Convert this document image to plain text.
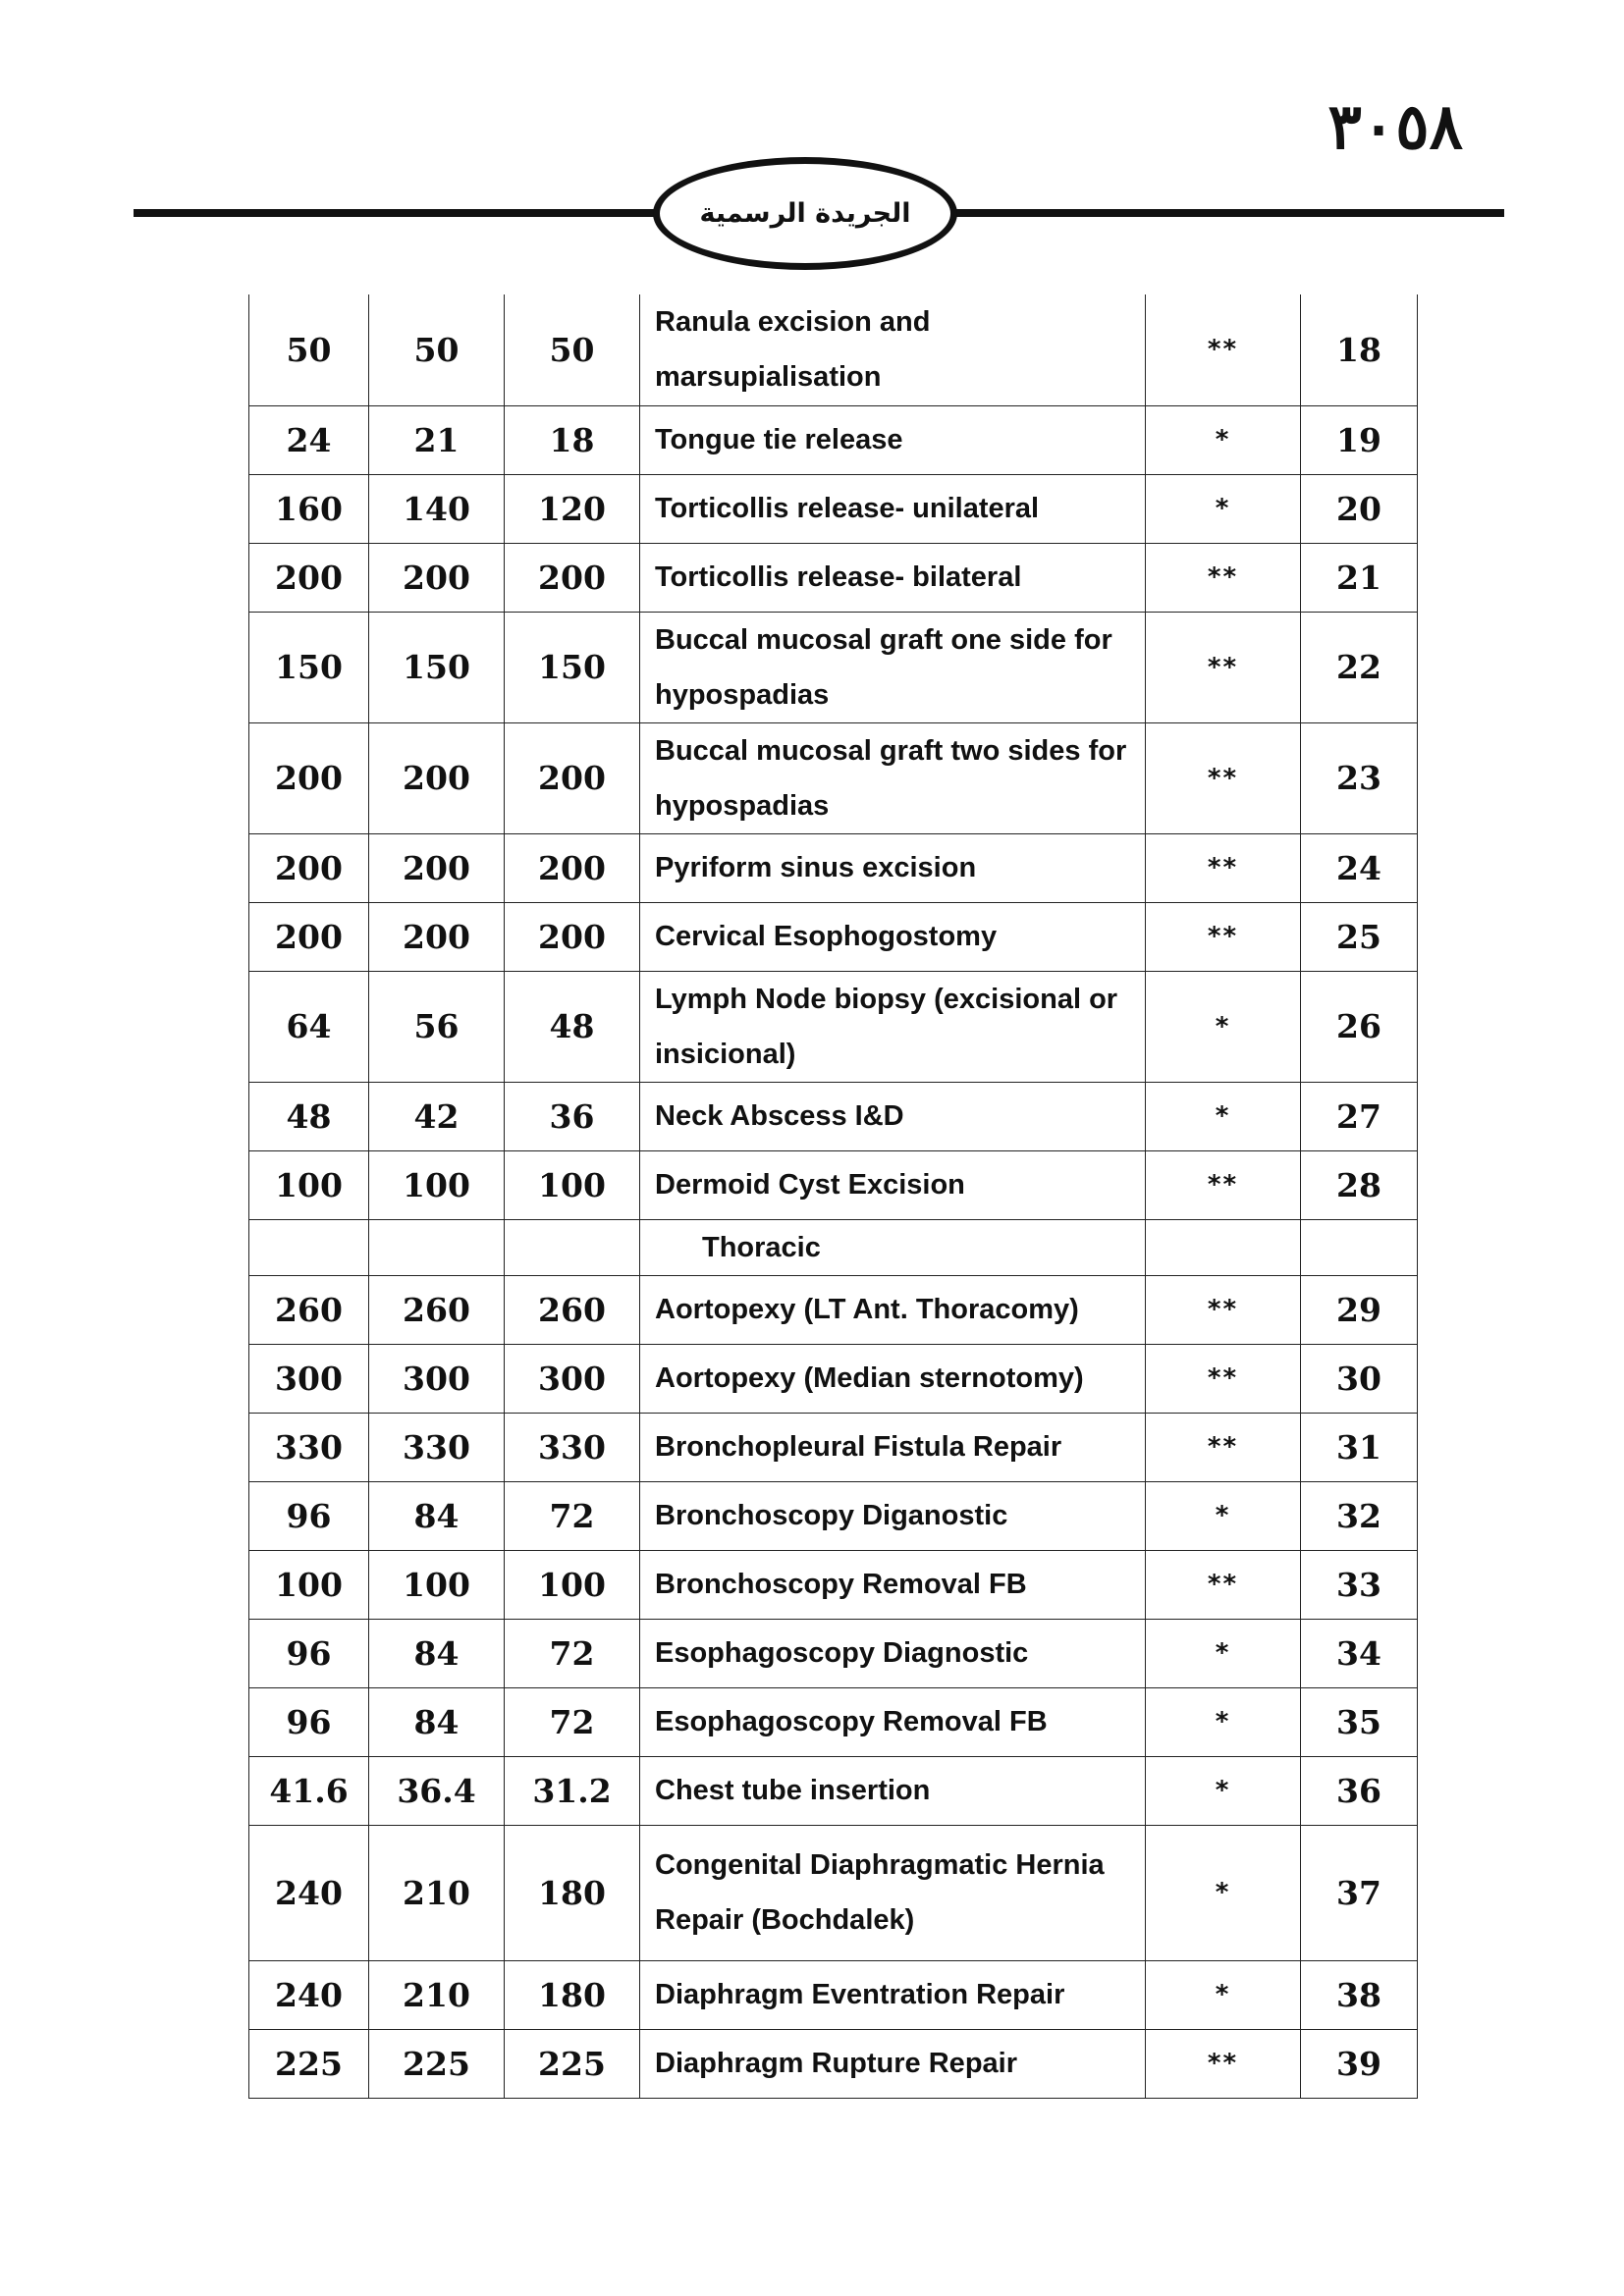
٣٠٥٨
الجريدة الرسمية
50	50	50	Ranula excision and marsupialisation	**	18
24	21	18	Tongue tie release	*	19
160	140	120	Torticollis release- unilateral	*	20
200	200	200	Torticollis release- bilateral	**	21
150	150	150	Buccal mucosal graft one side for hypospadias	**	22
200	200	200	Buccal mucosal graft two sides for hypospadias	**	23
200	200	200	Pyriform sinus excision	**	24
200	200	200	Cervical Esophogostomy	**	25
64	56	48	Lymph Node biopsy (excisional or insicional)	*	26
48	42	36	Neck Abscess I&D	*	27
100	100	100	Dermoid Cyst Excision	**	28
			Thoracic		
260	260	260	Aortopexy (LT Ant. Thoracomy)	**	29
300	300	300	Aortopexy (Median sternotomy)	**	30
330	330	330	Bronchopleural Fistula Repair	**	31
96	84	72	Bronchoscopy Diganostic	*	32
100	100	100	Bronchoscopy Removal FB	**	33
96	84	72	Esophagoscopy Diagnostic	*	34
96	84	72	Esophagoscopy Removal FB	*	35
41.6	36.4	31.2	Chest tube insertion	*	36
240	210	180	Congenital Diaphragmatic Hernia Repair (Bochdalek)	*	37
240	210	180	Diaphragm Eventration Repair	*	38
225	225	225	Diaphragm Rupture Repair	**	39
